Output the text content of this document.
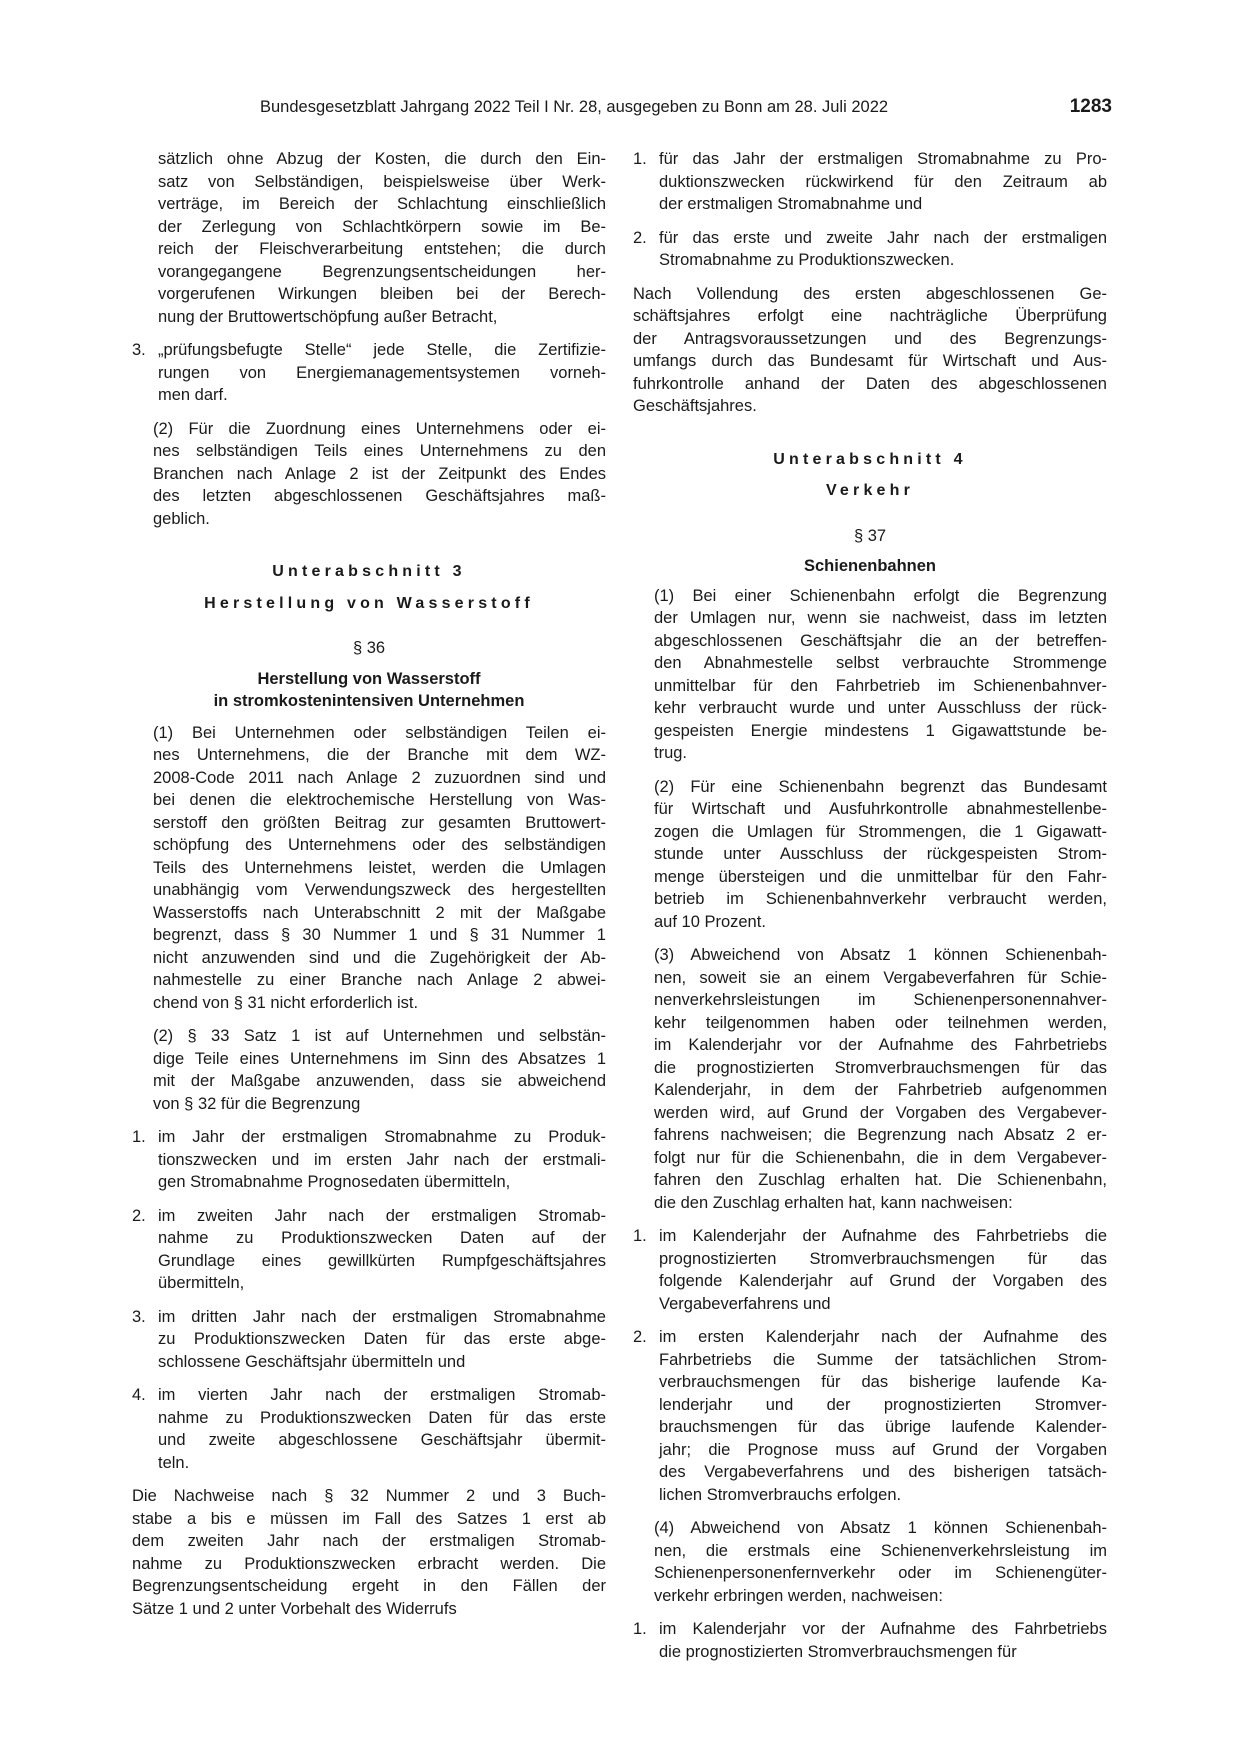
Bundesgesetzblatt Jahrgang 2022 Teil I Nr. 28, ausgegeben zu Bonn am 28. Juli 2022	1283
sätzlich ohne Abzug der Kosten, die durch den Ein-
satz von Selbständigen, beispielsweise über Werk-
verträge, im Bereich der Schlachtung einschließlich
der Zerlegung von Schlachtkörpern sowie im Be-
reich der Fleischverarbeitung entstehen; die durch
vorangegangene Begrenzungsentscheidungen her-
vorgerufenen Wirkungen bleiben bei der Berech-
nung der Bruttowertschöpfung außer Betracht,
3. „prüfungsbefugte Stelle“ jede Stelle, die Zertifizie-
rungen von Energiemanagementsystemen vorneh-
men darf.
(2) Für die Zuordnung eines Unternehmens oder ei-
nes selbständigen Teils eines Unternehmens zu den
Branchen nach Anlage 2 ist der Zeitpunkt des Endes
des letzten abgeschlossenen Geschäftsjahres maß-
geblich.
Unterabschnitt 3
Herstellung von Wasserstoff
§ 36
Herstellung von Wasserstoff
in stromkostenintensiven Unternehmen
(1) Bei Unternehmen oder selbständigen Teilen ei-
nes Unternehmens, die der Branche mit dem WZ-
2008-Code 2011 nach Anlage 2 zuzuordnen sind und
bei denen die elektrochemische Herstellung von Was-
serstoff den größten Beitrag zur gesamten Bruttowert-
schöpfung des Unternehmens oder des selbständigen
Teils des Unternehmens leistet, werden die Umlagen
unabhängig vom Verwendungszweck des hergestellten
Wasserstoffs nach Unterabschnitt 2 mit der Maßgabe
begrenzt, dass § 30 Nummer 1 und § 31 Nummer 1
nicht anzuwenden sind und die Zugehörigkeit der Ab-
nahmestelle zu einer Branche nach Anlage 2 abwei-
chend von § 31 nicht erforderlich ist.
(2) § 33 Satz 1 ist auf Unternehmen und selbstän-
dige Teile eines Unternehmens im Sinn des Absatzes 1
mit der Maßgabe anzuwenden, dass sie abweichend
von § 32 für die Begrenzung
1. im Jahr der erstmaligen Stromabnahme zu Produk-
tionszwecken und im ersten Jahr nach der erstmali-
gen Stromabnahme Prognosedaten übermitteln,
2. im zweiten Jahr nach der erstmaligen Stromab-
nahme zu Produktionszwecken Daten auf der
Grundlage eines gewillkürten Rumpfgeschäftsjahres
übermitteln,
3. im dritten Jahr nach der erstmaligen Stromabnahme
zu Produktionszwecken Daten für das erste abge-
schlossene Geschäftsjahr übermitteln und
4. im vierten Jahr nach der erstmaligen Stromab-
nahme zu Produktionszwecken Daten für das erste
und zweite abgeschlossene Geschäftsjahr übermit-
teln.
Die Nachweise nach § 32 Nummer 2 und 3 Buch-
stabe a bis e müssen im Fall des Satzes 1 erst ab
dem zweiten Jahr nach der erstmaligen Stromab-
nahme zu Produktionszwecken erbracht werden. Die
Begrenzungsentscheidung ergeht in den Fällen der
Sätze 1 und 2 unter Vorbehalt des Widerrufs
1. für das Jahr der erstmaligen Stromabnahme zu Pro-
duktionszwecken rückwirkend für den Zeitraum ab
der erstmaligen Stromabnahme und
2. für das erste und zweite Jahr nach der erstmaligen
Stromabnahme zu Produktionszwecken.
Nach Vollendung des ersten abgeschlossenen Ge-
schäftsjahres erfolgt eine nachträgliche Überprüfung
der Antragsvoraussetzungen und des Begrenzungs-
umfangs durch das Bundesamt für Wirtschaft und Aus-
fuhrkontrolle anhand der Daten des abgeschlossenen
Geschäftsjahres.
Unterabschnitt 4
Verkehr
§ 37
Schienenbahnen
(1) Bei einer Schienenbahn erfolgt die Begrenzung
der Umlagen nur, wenn sie nachweist, dass im letzten
abgeschlossenen Geschäftsjahr die an der betreffen-
den Abnahmestelle selbst verbrauchte Strommenge
unmittelbar für den Fahrbetrieb im Schienenbahnver-
kehr verbraucht wurde und unter Ausschluss der rück-
gespeisten Energie mindestens 1 Gigawattstunde be-
trug.
(2) Für eine Schienenbahn begrenzt das Bundesamt
für Wirtschaft und Ausfuhrkontrolle abnahmestellenbe-
zogen die Umlagen für Strommengen, die 1 Gigawatt-
stunde unter Ausschluss der rückgespeisten Strom-
menge übersteigen und die unmittelbar für den Fahr-
betrieb im Schienenbahnverkehr verbraucht werden,
auf 10 Prozent.
(3) Abweichend von Absatz 1 können Schienenbah-
nen, soweit sie an einem Vergabeverfahren für Schie-
nenverkehrsleistungen im Schienenpersonennahver-
kehr teilgenommen haben oder teilnehmen werden,
im Kalenderjahr vor der Aufnahme des Fahrbetriebs
die prognostizierten Stromverbrauchsmengen für das
Kalenderjahr, in dem der Fahrbetrieb aufgenommen
werden wird, auf Grund der Vorgaben des Vergabever-
fahrens nachweisen; die Begrenzung nach Absatz 2 er-
folgt nur für die Schienenbahn, die in dem Vergabever-
fahren den Zuschlag erhalten hat. Die Schienenbahn,
die den Zuschlag erhalten hat, kann nachweisen:
1. im Kalenderjahr der Aufnahme des Fahrbetriebs die
prognostizierten Stromverbrauchsmengen für das
folgende Kalenderjahr auf Grund der Vorgaben des
Vergabeverfahrens und
2. im ersten Kalenderjahr nach der Aufnahme des
Fahrbetriebs die Summe der tatsächlichen Strom-
verbrauchsmengen für das bisherige laufende Ka-
lenderjahr und der prognostizierten Stromver-
brauchsmengen für das übrige laufende Kalender-
jahr; die Prognose muss auf Grund der Vorgaben
des Vergabeverfahrens und des bisherigen tatsäch-
lichen Stromverbrauchs erfolgen.
(4) Abweichend von Absatz 1 können Schienenbah-
nen, die erstmals eine Schienenverkehrsleistung im
Schienenpersonenfernverkehr oder im Schienengüter-
verkehr erbringen werden, nachweisen:
1. im Kalenderjahr vor der Aufnahme des Fahrbetriebs
die prognostizierten Stromverbrauchsmengen für
